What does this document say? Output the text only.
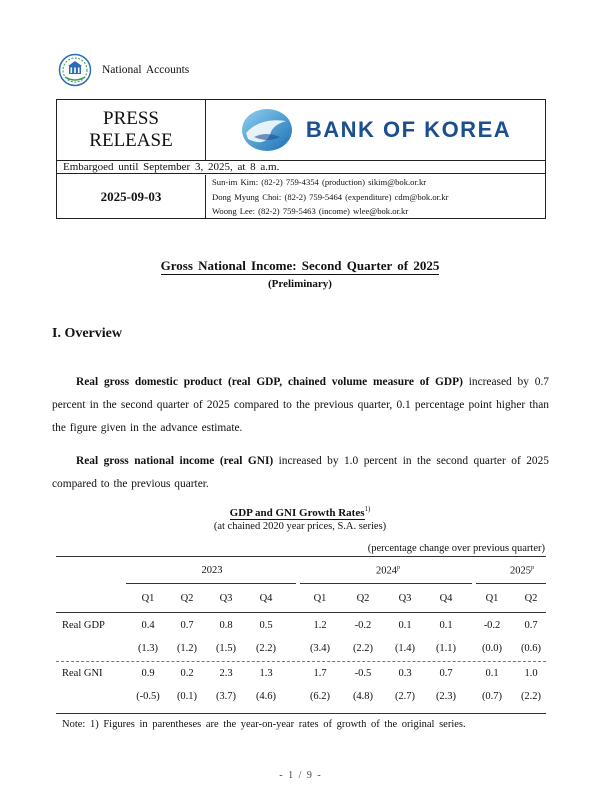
National Accounts
PRESS
RELEASE	BANK OF KOREA
Embargoed until September 3, 2025, at 8 a.m.
2025-09-03
Sun-im Kim: (82-2) 759-4354 (production) sikim@bok.or.kr
Dong Myung Choi: (82-2) 759-5464 (expenditure) cdm@bok.or.kr
Woong Lee: (82-2) 759-5463 (income) wlee@bok.or.kr
Gross National Income: Second Quarter of 2025
(Preliminary)
I. Overview
Real gross domestic product (real GDP, chained volume measure of GDP) increased by 0.7 percent in the second quarter of 2025 compared to the previous quarter, 0.1 percentage point higher than the figure given in the advance estimate.
Real gross national income (real GNI) increased by 1.0 percent in the second quarter of 2025 compared to the previous quarter.
GDP and GNI Growth Rates$^{1)}$
(at chained 2020 year prices, S.A. series)
(percentage change over previous quarter)
2023	2024$^p$	2025$^p$
Q1	Q2	Q3	Q4	Q1	Q2	Q3	Q4	Q1	Q2
Real GDP	0.4	0.7	0.8	0.5	1.2	-0.2	0.1	0.1	-0.2	0.7
(1.3)	(1.2)	(1.5)	(2.2)	(3.4)	(2.2)	(1.4)	(1.1)	(0.0)	(0.6)
Real GNI	0.9	0.2	2.3	1.3	1.7	-0.5	0.3	0.7	0.1	1.0
(-0.5)	(0.1)	(3.7)	(4.6)	(6.2)	(4.8)	(2.7)	(2.3)	(0.7)	(2.2)
Note: 1) Figures in parentheses are the year-on-year rates of growth of the original series.
- 1 / 9 -
